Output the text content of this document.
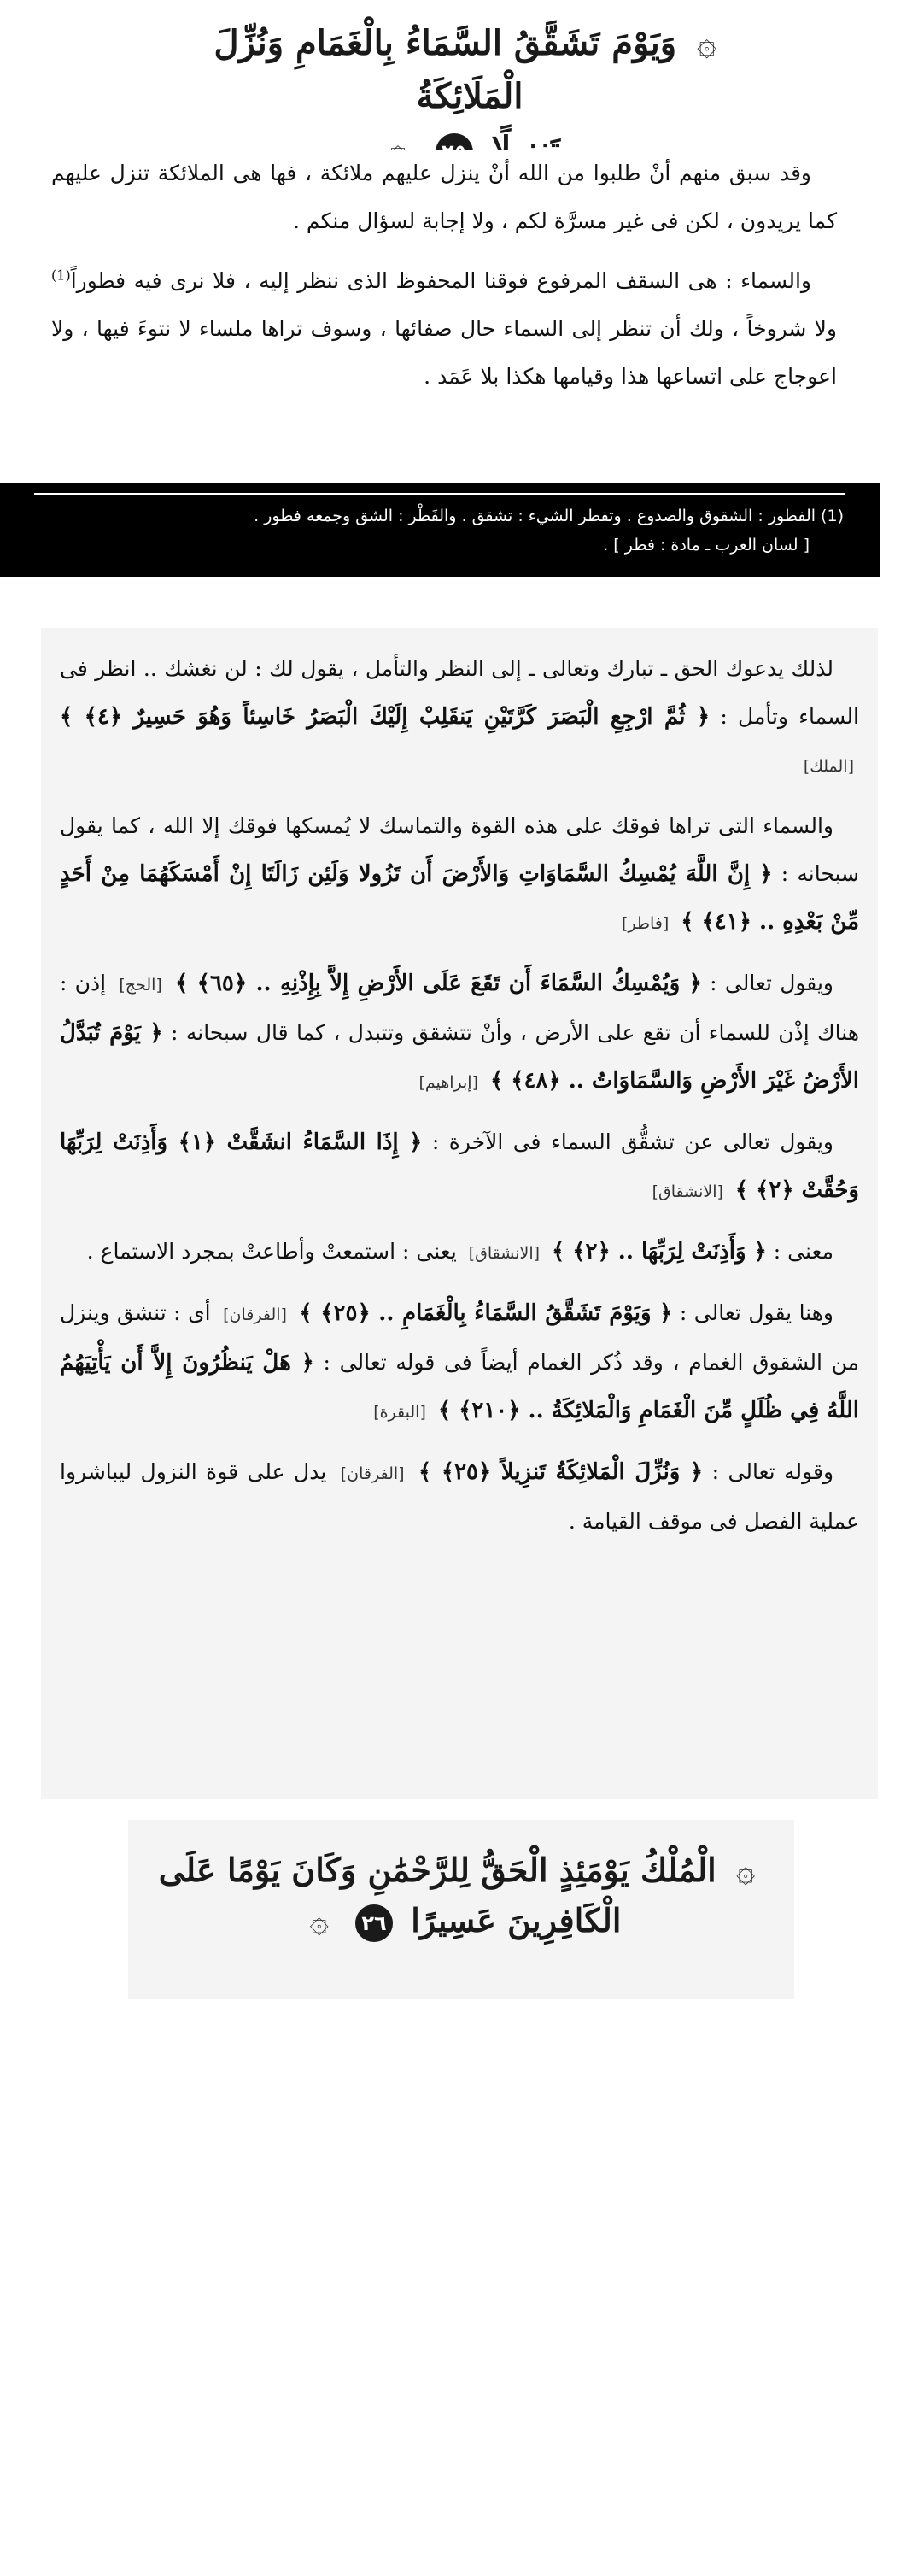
۞ وَيَوْمَ تَشَقَّقُ السَّمَاءُ بِالْغَمَامِ وَنُزِّلَ الْمَلَائِكَةُ

وقد سبق منهم أنْ طلبوا من الله أنْ ينزل عليهم ملائكة ، فها هى الملائكة تنزل عليهم كما يريدون ، لكن فى غير مسرَّة لكم ، ولا إجابة لسؤال منكم .

والسماء : هى السقف المرفوع فوقنا المحفوظ الذى ننظر إليه ، فلا نرى فيه فطوراً$^{(1)}$ ولا شروخاً ، ولك أن تنظر إلى السماء حال صفائها ، وسوف تراها ملساء لا نتوءَ فيها ، ولا اعوجاج على اتساعها هذا وقيامها هكذا بلا عَمَد .

(1) الفطور : الشقوق والصدوع . وتفطر الشيء : تشقق . والفَطْر : الشق وجمعه فطور .
[ لسان العرب ـ مادة : فطر ] .

لذلك يدعوك الحق ـ تبارك وتعالى ـ إلى النظر والتأمل ، يقول لك : لن نغشك .. انظر فى السماء وتأمل : ﴿ ثُمَّ ارْجِعِ الْبَصَرَ كَرَّتَيْنِ يَنقَلِبْ إِلَيْكَ الْبَصَرُ خَاسِئاً وَهُوَ حَسِيرٌ ﴿٤﴾ ﴾ [الملك]

والسماء التى تراها فوقك على هذه القوة والتماسك لا يُمسكها فوقك إلا الله ، كما يقول سبحانه : ﴿ إِنَّ اللَّهَ يُمْسِكُ السَّمَاوَاتِ وَالأَرْضَ أَن تَزُولا وَلَئِن زَالَتَا إِنْ أَمْسَكَهُمَا مِنْ أَحَدٍ مِّنْ بَعْدِهِ .. ﴿٤١﴾ ﴾ [فاطر]

ويقول تعالى : ﴿ وَيُمْسِكُ السَّمَاءَ أَن تَقَعَ عَلَى الأَرْضِ إِلاَّ بِإِذْنِهِ .. ﴿٦٥﴾ ﴾ [الحج] إذن : هناك إذْن للسماء أن تقع على الأرض ، وأنْ تتشقق وتتبدل ، كما قال سبحانه : ﴿ يَوْمَ تُبَدَّلُ الأَرْضُ غَيْرَ الأَرْضِ وَالسَّمَاوَاتُ .. ﴿٤٨﴾ ﴾ [إبراهيم]

ويقول تعالى عن تشقُّق السماء فى الآخرة : ﴿ إِذَا السَّمَاءُ انشَقَّتْ ﴿١﴾ وَأَذِنَتْ لِرَبِّهَا وَحُقَّتْ ﴿٢﴾ ﴾ [الانشقاق]

معنى : ﴿ وَأَذِنَتْ لِرَبِّهَا .. ﴿٢﴾ ﴾ [الانشقاق] يعنى : استمعتْ وأطاعتْ بمجرد الاستماع .

وهنا يقول تعالى : ﴿ وَيَوْمَ تَشَقَّقُ السَّمَاءُ بِالْغَمَامِ .. ﴿٢٥﴾ ﴾ [الفرقان] أى : تنشق وينزل من الشقوق الغمام ، وقد ذُكر الغمام أيضاً فى قوله تعالى : ﴿ هَلْ يَنظُرُونَ إِلاَّ أَن يَأْتِيَهُمُ اللَّهُ فِي ظُلَلٍ مِّنَ الْغَمَامِ وَالْمَلائِكَةُ .. ﴿٢١٠﴾ ﴾ [البقرة]

وقوله تعالى : ﴿ وَنُزِّلَ الْمَلائِكَةُ تَنزِيلاً ﴿٢٥﴾ ﴾ [الفرقان] يدل على قوة النزول ليباشروا عملية الفصل فى موقف القيامة .

۞ الْمُلْكُ يَوْمَئِذٍ الْحَقُّ لِلرَّحْمَٰنِ وَكَانَ يَوْمًا عَلَى
الْكَافِرِينَ عَسِيرًا ٢٦ ۞
